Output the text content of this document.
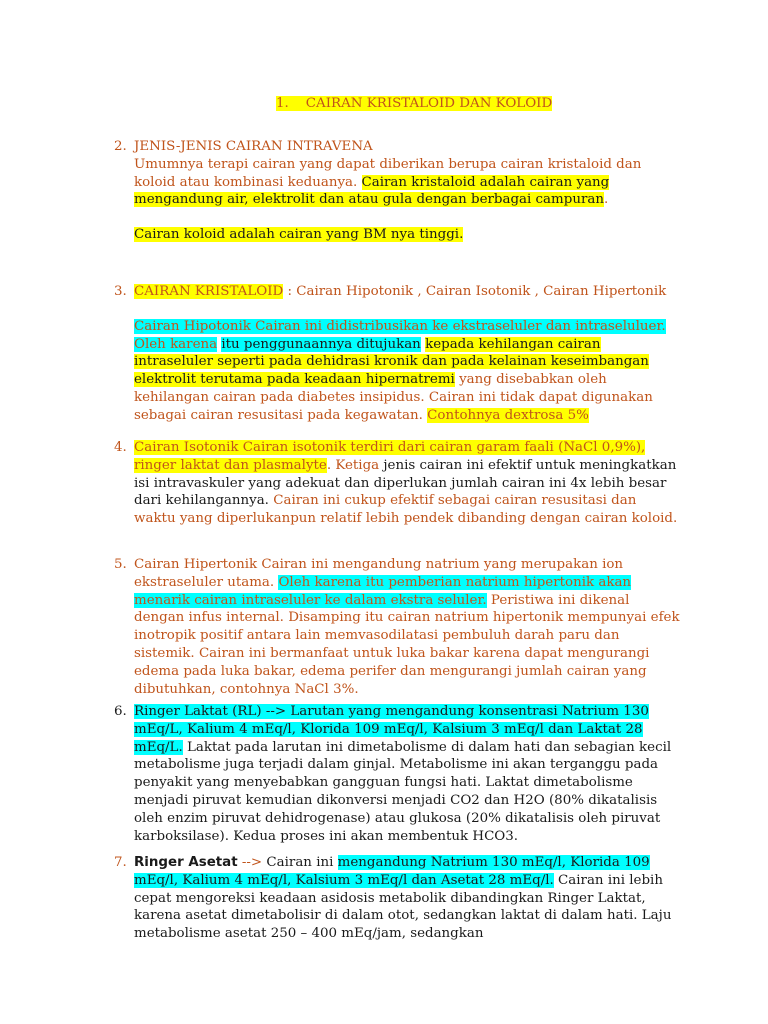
1.    CAIRAN KRISTALOID DAN KOLOID
2. JENIS-JENIS CAIRAN INTRAVENA

Umumnya terapi cairan yang dapat diberikan berupa cairan kristaloid dan koloid atau kombinasi keduanya. Cairan kristaloid adalah cairan yang mengandung air, elektrolit dan atau gula dengan berbagai campuran.

Cairan koloid adalah cairan yang BM nya tinggi.

3. CAIRAN KRISTALOID : Cairan Hipotonik , Cairan Isotonik , Cairan Hipertonik

Cairan Hipotonik Cairan ini didistribusikan ke ekstraseluler dan intraseluluer. Oleh karena itu penggunaannya ditujukan kepada kehilangan cairan intraseluler seperti pada dehidrasi kronik dan pada kelainan keseimbangan elektrolit terutama pada keadaan hipernatremi yang disebabkan oleh kehilangan cairan pada diabetes insipidus. Cairan ini tidak dapat digunakan sebagai cairan resusitasi pada kegawatan. Contohnya dextrosa 5%

4. Cairan Isotonik Cairan isotonik terdiri dari cairan garam faali (NaCl 0,9%), ringer laktat dan plasmalyte. Ketiga jenis cairan ini efektif untuk meningkatkan isi intravaskuler yang adekuat dan diperlukan jumlah cairan ini 4x lebih besar dari kehilangannya. Cairan ini cukup efektif sebagai cairan resusitasi dan waktu yang diperlukanpun relatif lebih pendek dibanding dengan cairan koloid.

5. Cairan Hipertonik Cairan ini mengandung natrium yang merupakan ion ekstraseluler utama. Oleh karena itu pemberian natrium hipertonik akan menarik cairan intraseluler ke dalam ekstra seluler. Peristiwa ini dikenal dengan infus internal. Disamping itu cairan natrium hipertonik mempunyai efek inotropik positif antara lain memvasodilatasi pembuluh darah paru dan sistemik. Cairan ini bermanfaat untuk luka bakar karena dapat mengurangi edema pada luka bakar, edema perifer dan mengurangi jumlah cairan yang dibutuhkan, contohnya NaCl 3%.

6. Ringer Laktat (RL) --> Larutan yang mengandung konsentrasi Natrium 130 mEq/L, Kalium 4 mEq/l, Klorida 109 mEq/l, Kalsium 3 mEq/l dan Laktat 28 mEq/L. Laktat pada larutan ini dimetabolisme di dalam hati dan sebagian kecil metabolisme juga terjadi dalam ginjal. Metabolisme ini akan terganggu pada penyakit yang menyebabkan gangguan fungsi hati. Laktat dimetabolisme menjadi piruvat kemudian dikonversi menjadi CO2 dan H2O (80% dikatalisis oleh enzim piruvat dehidrogenase) atau glukosa (20% dikatalisis oleh piruvat karboksilase). Kedua proses ini akan membentuk HCO3.

7. Ringer Asetat --> Cairan ini mengandung Natrium 130 mEq/l, Klorida 109 mEq/l, Kalium 4 mEq/l, Kalsium 3 mEq/l dan Asetat 28 mEq/l. Cairan ini lebih cepat mengoreksi keadaan asidosis metabolik dibandingkan Ringer Laktat, karena asetat dimetabolisir di dalam otot, sedangkan laktat di dalam hati. Laju metabolisme asetat 250 – 400 mEq/jam, sedangkan
